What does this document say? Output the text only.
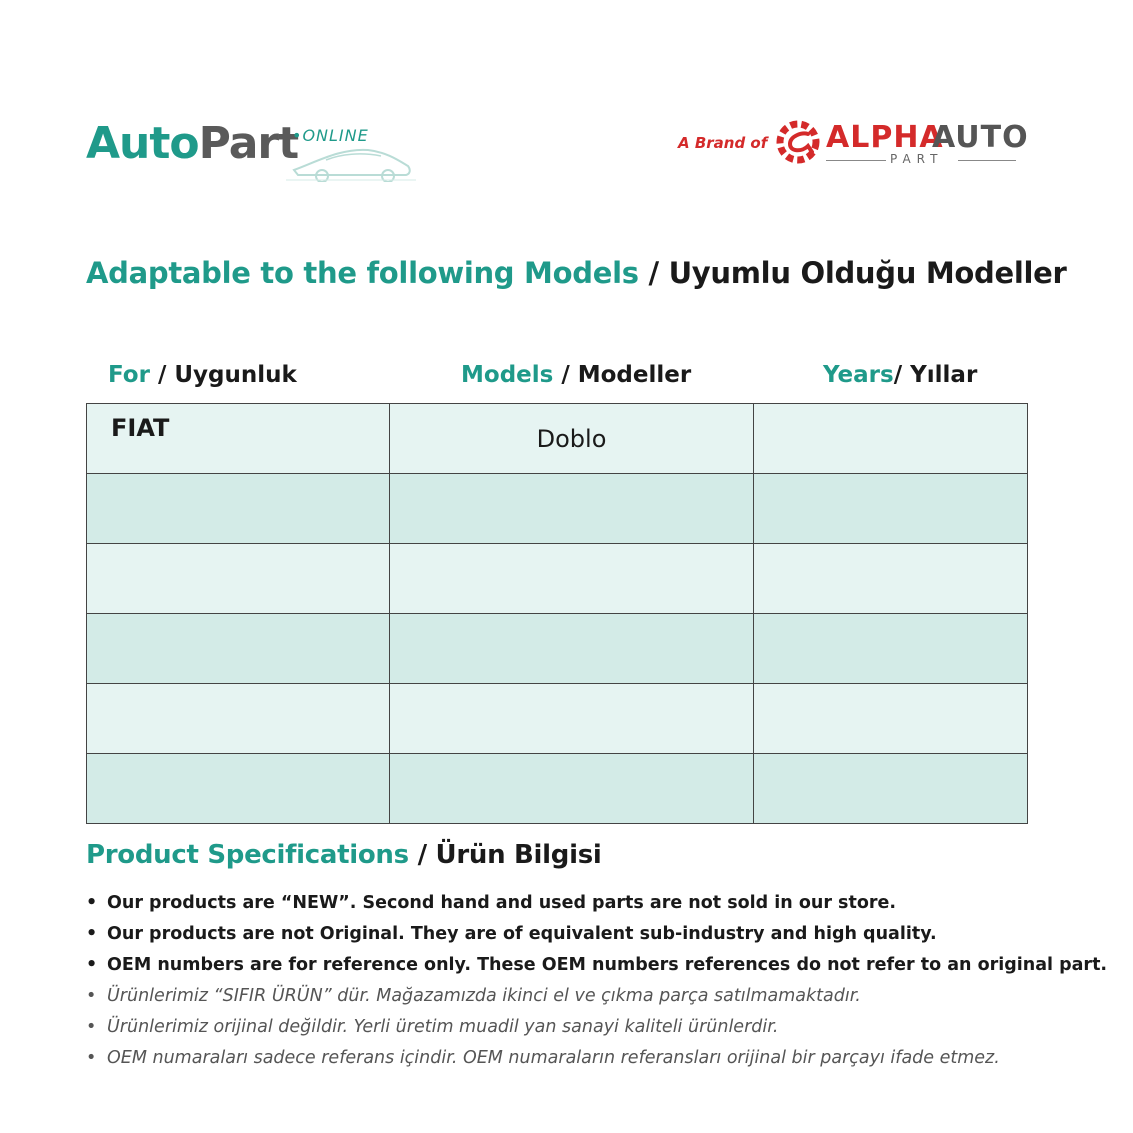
AutoPart
•ONLINE	A Brand of ALPHA
AUTO
PART
Adaptable to the following Models / Uyumlu Olduğu Modeller
For / Uygunluk	Models / Modeller	Years/ Yıllar
FIAT	Doblo	

Product Specifications / Ürün Bilgisi
• Our products are “NEW”. Second hand and used parts are not sold in our store.
• Our products are not Original. They are of equivalent sub-industry and high quality.
• OEM numbers are for reference only. These OEM numbers references do not refer to an original part.
• Ürünlerimiz “SIFIR ÜRÜN” dür. Mağazamızda ikinci el ve çıkma parça satılmamaktadır.
• Ürünlerimiz orijinal değildir. Yerli üretim muadil yan sanayi kaliteli ürünlerdir.
• OEM numaraları sadece referans içindir. OEM numaraların referansları orijinal bir parçayı ifade etmez.
